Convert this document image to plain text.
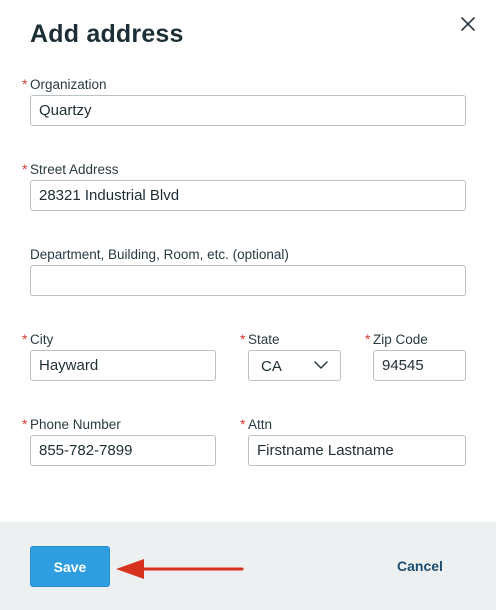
Add address
* Organization
Quartzy
* Street Address
28321 Industrial Blvd
Department, Building, Room, etc. (optional)
* City
Hayward	* State
CA
* Zip Code
94545
* Phone Number
855-782-7899	* Attn
Firstname Lastname
Save	Cancel
